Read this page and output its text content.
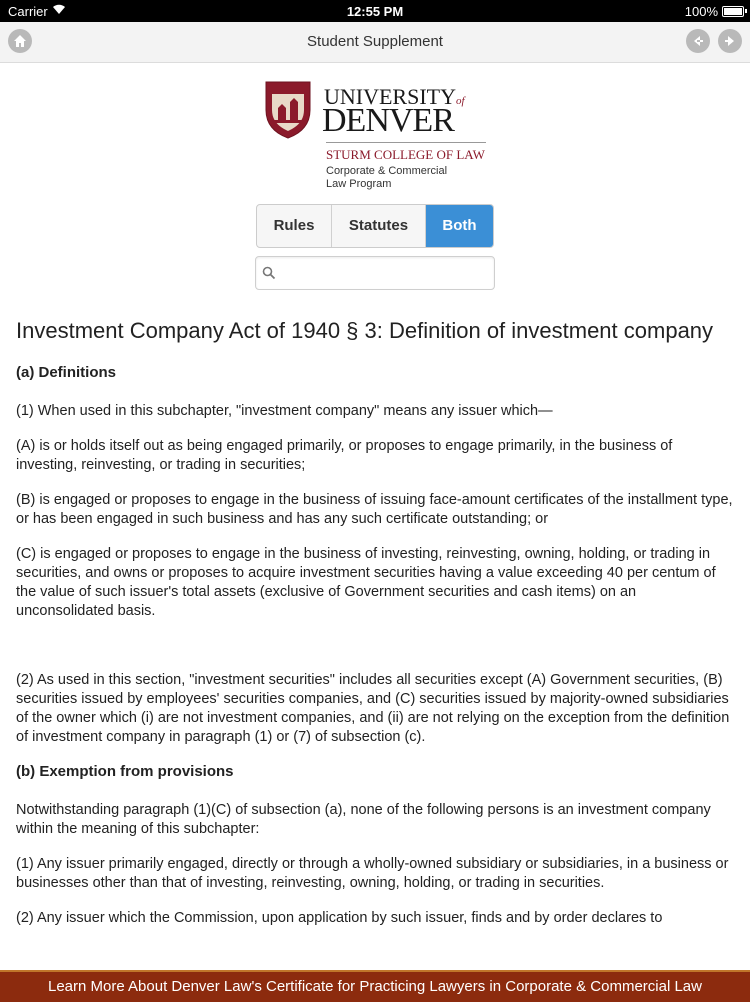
Carrier	12:55 PM	100%
Student Supplement
UNIVERSITYof
DENVER
STURM COLLEGE OF LAW
Corporate & Commercial
Law Program
Rules	Statutes	Both
Investment Company Act of 1940 § 3: Definition of investment company
(a) Definitions

(1) When used in this subchapter, "investment company" means any issuer which—

(A) is or holds itself out as being engaged primarily, or proposes to engage primarily, in the business of investing, reinvesting, or trading in securities;

(B) is engaged or proposes to engage in the business of issuing face-amount certificates of the installment type, or has been engaged in such business and has any such certificate outstanding; or

(C) is engaged or proposes to engage in the business of investing, reinvesting, owning, holding, or trading in securities, and owns or proposes to acquire investment securities having a value exceeding 40 per centum of the value of such issuer's total assets (exclusive of Government securities and cash items) on an unconsolidated basis.

(2) As used in this section, "investment securities" includes all securities except (A) Government securities, (B) securities issued by employees' securities companies, and (C) securities issued by majority-owned subsidiaries of the owner which (i) are not investment companies, and (ii) are not relying on the exception from the definition of investment company in paragraph (1) or (7) of subsection (c).

(b) Exemption from provisions

Notwithstanding paragraph (1)(C) of subsection (a), none of the following persons is an investment company within the meaning of this subchapter:

(1) Any issuer primarily engaged, directly or through a wholly-owned subsidiary or subsidiaries, in a business or businesses other than that of investing, reinvesting, owning, holding, or trading in securities.

(2) Any issuer which the Commission, upon application by such issuer, finds and by order declares to

Learn More About Denver Law's Certificate for Practicing Lawyers in Corporate & Commercial Law
